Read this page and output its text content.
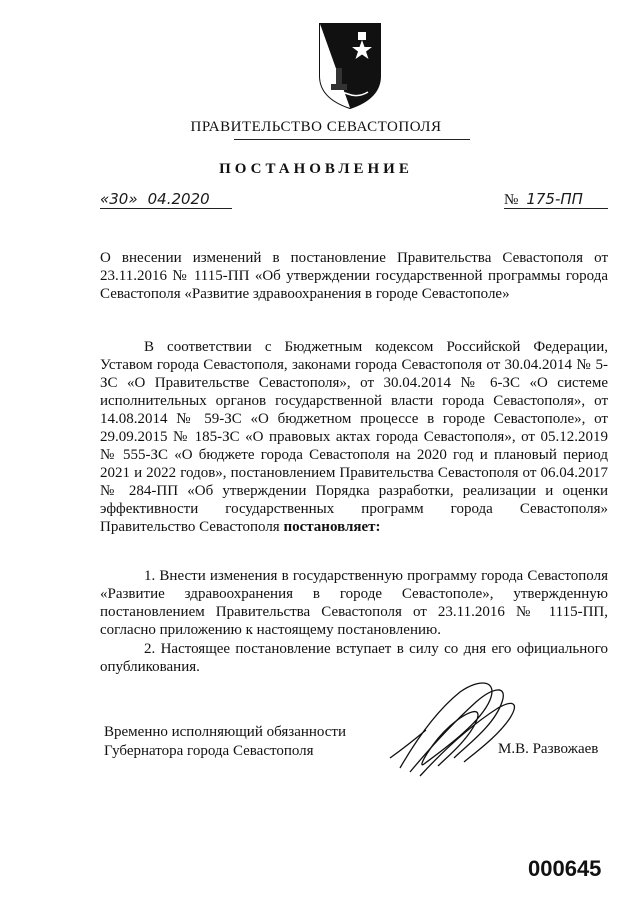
ПРАВИТЕЛЬСТВО СЕВАСТОПОЛЯ
ПОСТАНОВЛЕНИЕ
«30» 04.2020	№ 175-ПП
О внесении изменений в постановление Правительства Севастополя от 23.11.2016 № 1115-ПП «Об утверждении государственной программы города Севастополя «Развитие здравоохранения в городе Севастополе»
В соответствии с Бюджетным кодексом Российской Федерации, Уставом города Севастополя, законами города Севастополя от 30.04.2014 № 5-ЗС «О Правительстве Севастополя», от 30.04.2014 № 6-ЗС «О системе исполнительных органов государственной власти города Севастополя», от 14.08.2014 № 59-ЗС «О бюджетном процессе в городе Севастополе», от 29.09.2015 № 185-ЗС «О правовых актах города Севастополя», от 05.12.2019 № 555-ЗС «О бюджете города Севастополя на 2020 год и плановый период 2021 и 2022 годов», постановлением Правительства Севастополя от 06.04.2017 № 284-ПП «Об утверждении Порядка разработки, реализации и оценки эффективности государственных программ города Севастополя» Правительство Севастополя постановляет:
1. Внести изменения в государственную программу города Севастополя «Развитие здравоохранения в городе Севастополе», утвержденную постановлением Правительства Севастополя от 23.11.2016 № 1115-ПП, согласно приложению к настоящему постановлению.
2. Настоящее постановление вступает в силу со дня его официального опубликования.
Временно исполняющий обязанности
Губернатора города Севастополя	М.В. Развожаев
000645
